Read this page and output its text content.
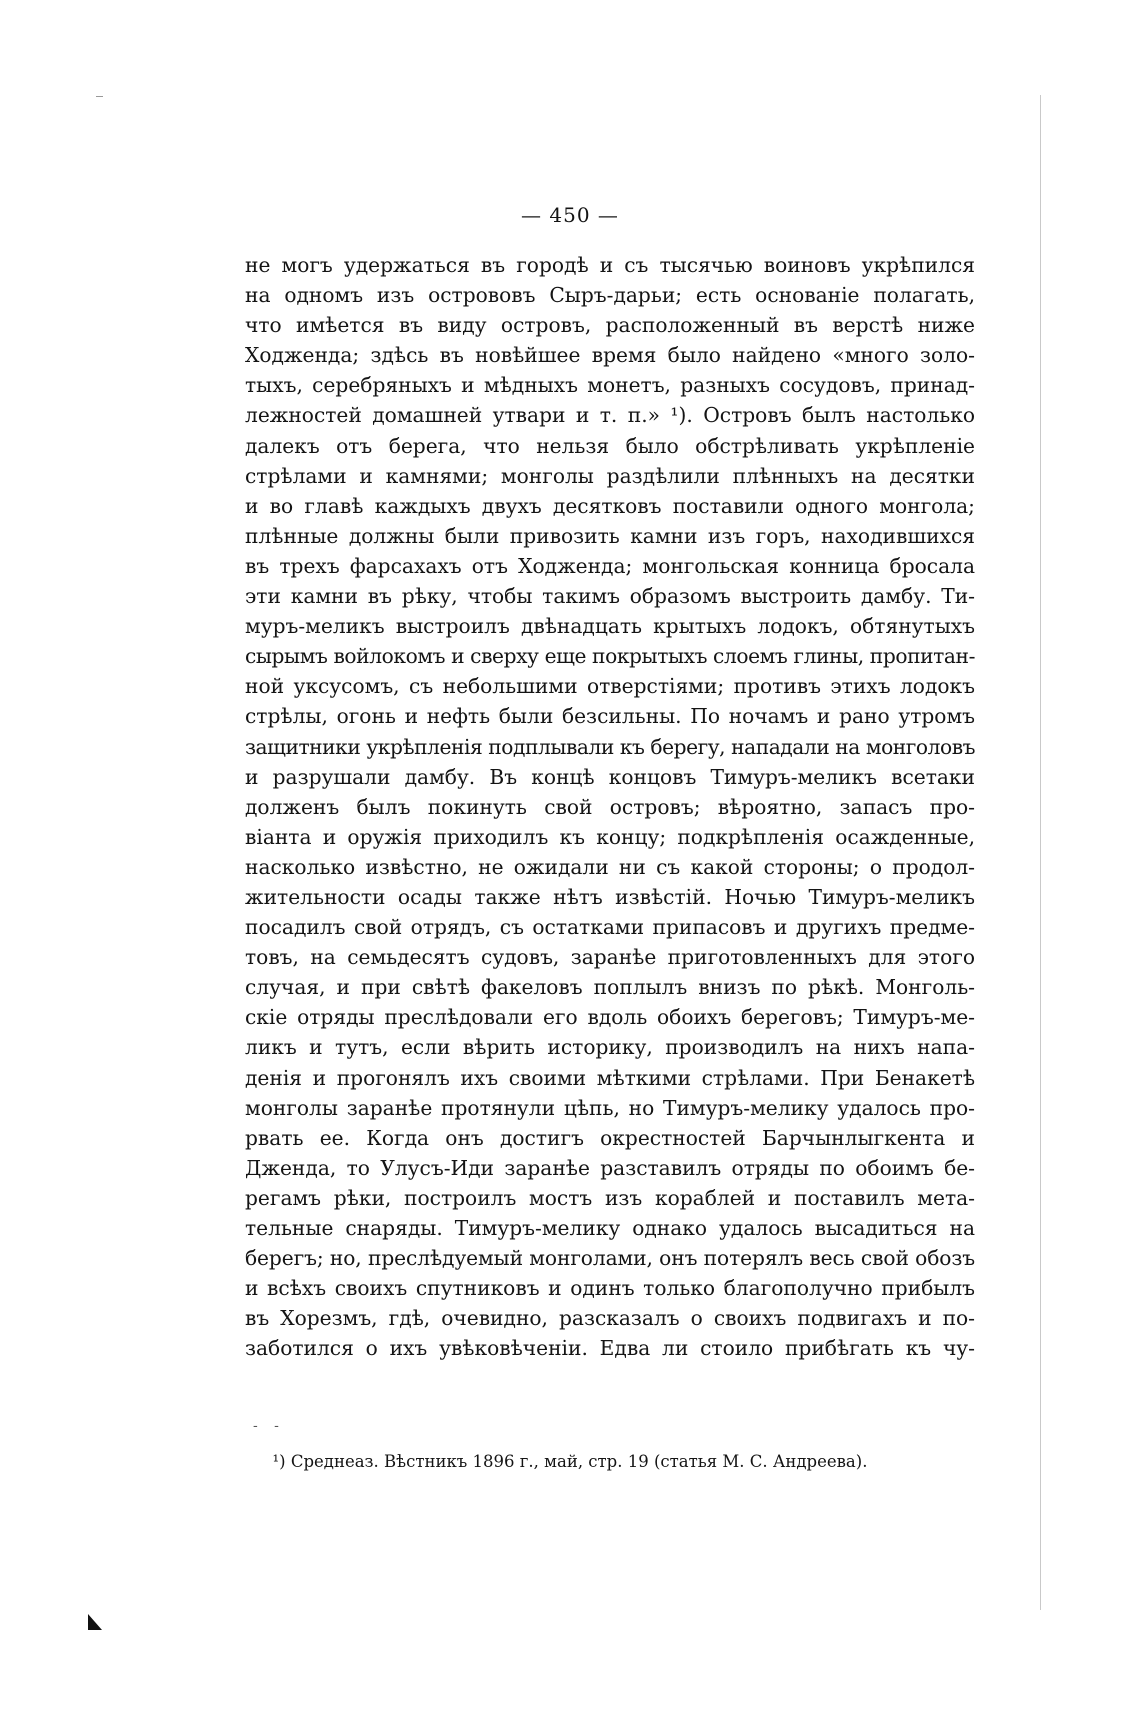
— 450 —
не могъ удержаться въ городѣ и съ тысячью воиновъ укрѣпился
на одномъ изъ острововъ Сыръ-дарьи; есть основаніе полагать,
что имѣется въ виду островъ, расположенный въ верстѣ ниже
Ходженда; здѣсь въ новѣйшее время было найдено «много золо-
тыхъ, серебряныхъ и мѣдныхъ монетъ, разныхъ сосудовъ, принад-
лежностей домашней утвари и т. п.» ¹). Островъ былъ настолько
далекъ отъ берега, что нельзя было обстрѣливать укрѣпленіе
стрѣлами и камнями; монголы раздѣлили плѣнныхъ на десятки
и во главѣ каждыхъ двухъ десятковъ поставили одного монгола;
плѣнные должны были привозить камни изъ горъ, находившихся
въ трехъ фарсахахъ отъ Ходженда; монгольская конница бросала
эти камни въ рѣку, чтобы такимъ образомъ выстроить дамбу. Ти-
муръ-меликъ выстроилъ двѣнадцать крытыхъ лодокъ, обтянутыхъ
сырымъ войлокомъ и сверху еще покрытыхъ слоемъ глины, пропитан-
ной уксусомъ, съ небольшими отверстіями; противъ этихъ лодокъ
стрѣлы, огонь и нефть были безсильны. По ночамъ и рано утромъ
защитники укрѣпленія подплывали къ берегу, нападали на монголовъ
и разрушали дамбу. Въ концѣ концовъ Тимуръ-меликъ всетаки
долженъ былъ покинуть свой островъ; вѣроятно, запасъ про-
віанта и оружія приходилъ къ концу; подкрѣпленія осажденные,
насколько извѣстно, не ожидали ни съ какой стороны; о продол-
жительности осады также нѣтъ извѣстій. Ночью Тимуръ-меликъ
посадилъ свой отрядъ, съ остатками припасовъ и другихъ предме-
товъ, на семьдесятъ судовъ, заранѣе приготовленныхъ для этого
случая, и при свѣтѣ факеловъ поплылъ внизъ по рѣкѣ. Монголь-
скіе отряды преслѣдовали его вдоль обоихъ береговъ; Тимуръ-ме-
ликъ и тутъ, если вѣрить историку, производилъ на нихъ напа-
денія и прогонялъ ихъ своими мѣткими стрѣлами. При Бенакетѣ
монголы заранѣе протянули цѣпь, но Тимуръ-мелику удалось про-
рвать ее. Когда онъ достигъ окрестностей Барчынлыгкента и
Дженда, то Улусъ-Иди заранѣе разставилъ отряды по обоимъ бе-
регамъ рѣки, построилъ мостъ изъ кораблей и поставилъ мета-
тельные снаряды. Тимуръ-мелику однако удалось высадиться на
берегъ; но, преслѣдуемый монголами, онъ потерялъ весь свой обозъ
и всѣхъ своихъ спутниковъ и одинъ только благополучно прибылъ
въ Хорезмъ, гдѣ, очевидно, разсказалъ о своихъ подвигахъ и по-
заботился о ихъ увѣковѣченіи. Едва ли стоило прибѣгать къ чу-
- -
¹) Среднеаз. Вѣстникъ 1896 г., май, стр. 19 (статья М. С. Андреева).
